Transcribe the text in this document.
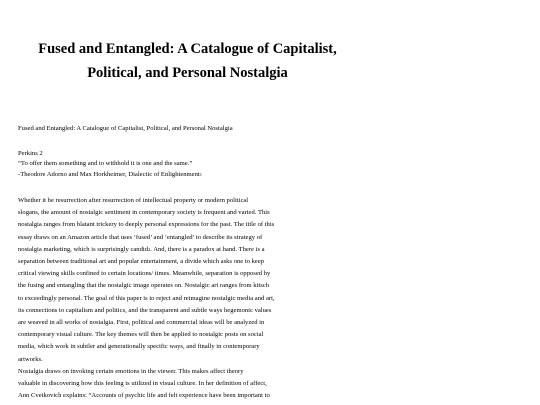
Fused and Entangled: A Catalogue of Capitalist,
Political, and Personal Nostalgia
Fused and Entangled: A Catalogue of Capitalist, Political, and Personal Nostalgia
Perkins 2
“To offer them something and to withhold it is one and the same.”
-Theodore Adorno and Max Horkheimer, Dialectic of Enlightenment1
Whether it be resurrection after resurrection of intellectual property or modern political
slogans, the amount of nostalgic sentiment in contemporary society is frequent and varied. This
nostalgia ranges from blatant trickery to deeply personal expressions for the past. The title of this
essay draws on an Amazon article that uses ‘fused’ and ‘entangled’ to describe its strategy of
nostalgia marketing, which is surprisingly candid2. And, there is a paradox at hand. There is a
separation between traditional art and popular entertainment, a divide which asks one to keep
critical viewing skills confined to certain locations/ times. Meanwhile, separation is opposed by
the fusing and entangling that the nostalgic image operates on. Nostalgic art ranges from kitsch
to exceedingly personal. The goal of this paper is to reject and reimagine nostalgic media and art,
its connections to capitalism and politics, and the transparent and subtle ways hegemonic values
are weaved in all works of nostalgia. First, political and commercial ideas will be analyzed in
contemporary visual culture. The key themes will then be applied to nostalgic posts on social
media, which work in subtler and generationally specific ways, and finally in contemporary
artworks.
Nostalgia draws on invoking certain emotions in the viewer. This makes affect theory
valuable in discovering how this feeling is utilized in visual culture. In her definition of affect,
Ann Cvetkovich explains: “Accounts of psychic life and felt experience have been important to
